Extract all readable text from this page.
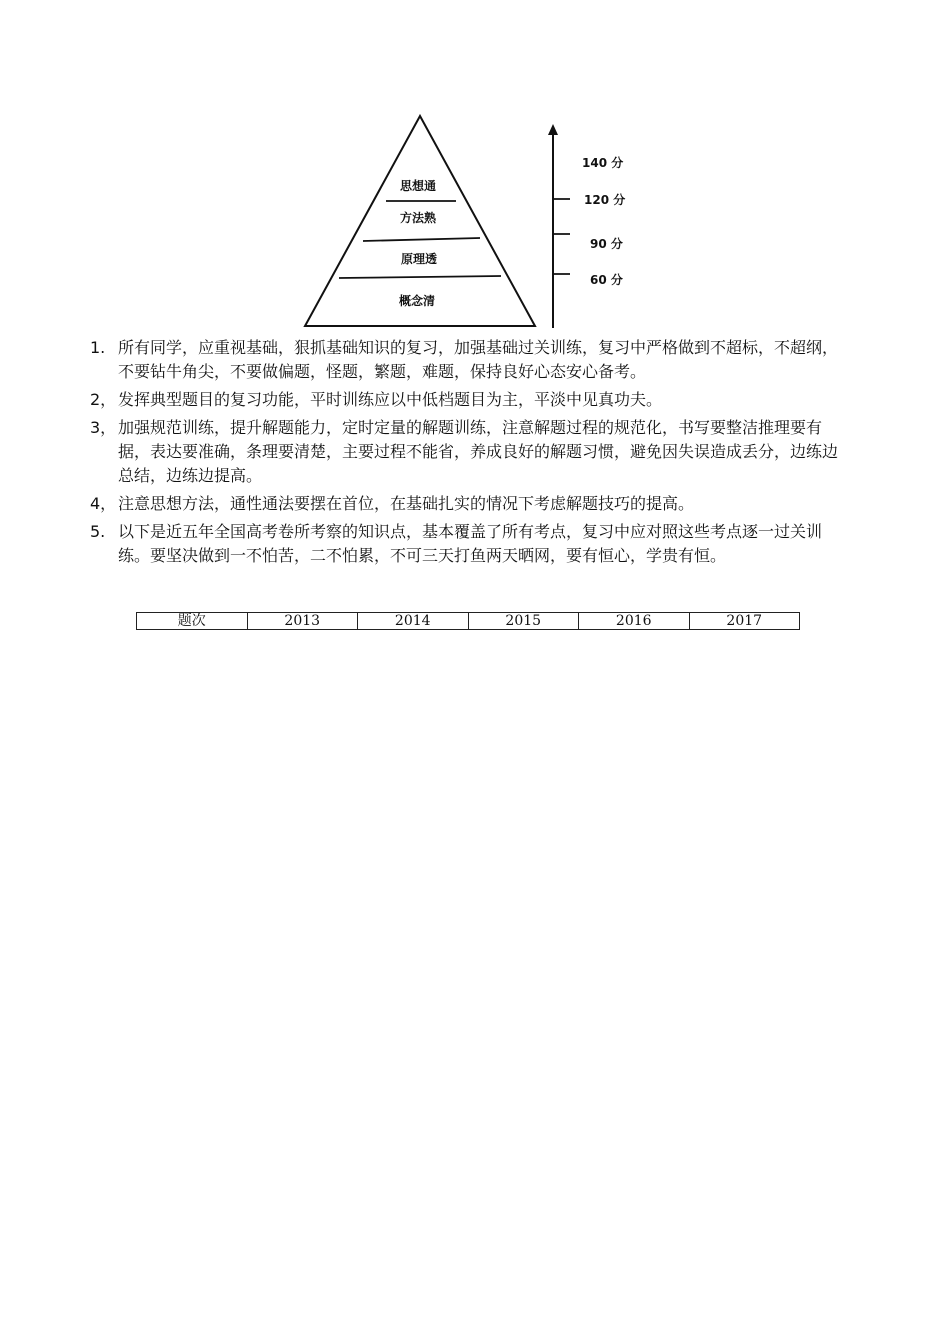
思想通
方法熟
原理透
概念清
140 分
120 分
90 分
60 分
1. 所有同学，应重视基础，狠抓基础知识的复习，加强基础过关训练，复习中严格做到不超标，不超纲，不要钻牛角尖，不要做偏题，怪题，繁题，难题，保持良好心态安心备考。
2， 发挥典型题目的复习功能，平时训练应以中低档题目为主，平淡中见真功夫。
3， 加强规范训练，提升解题能力，定时定量的解题训练，注意解题过程的规范化，书写要整洁推理要有据，表达要准确，条理要清楚，主要过程不能省，养成良好的解题习惯，避免因失误造成丢分，边练边总结，边练边提高。
4， 注意思想方法，通性通法要摆在首位，在基础扎实的情况下考虑解题技巧的提高。
5. 以下是近五年全国高考卷所考察的知识点，基本覆盖了所有考点，复习中应对照这些考点逐一过关训练。要坚决做到一不怕苦，二不怕累，不可三天打鱼两天晒网，要有恒心，学贵有恒。
题次	2013	2014	2015	2016	2017
